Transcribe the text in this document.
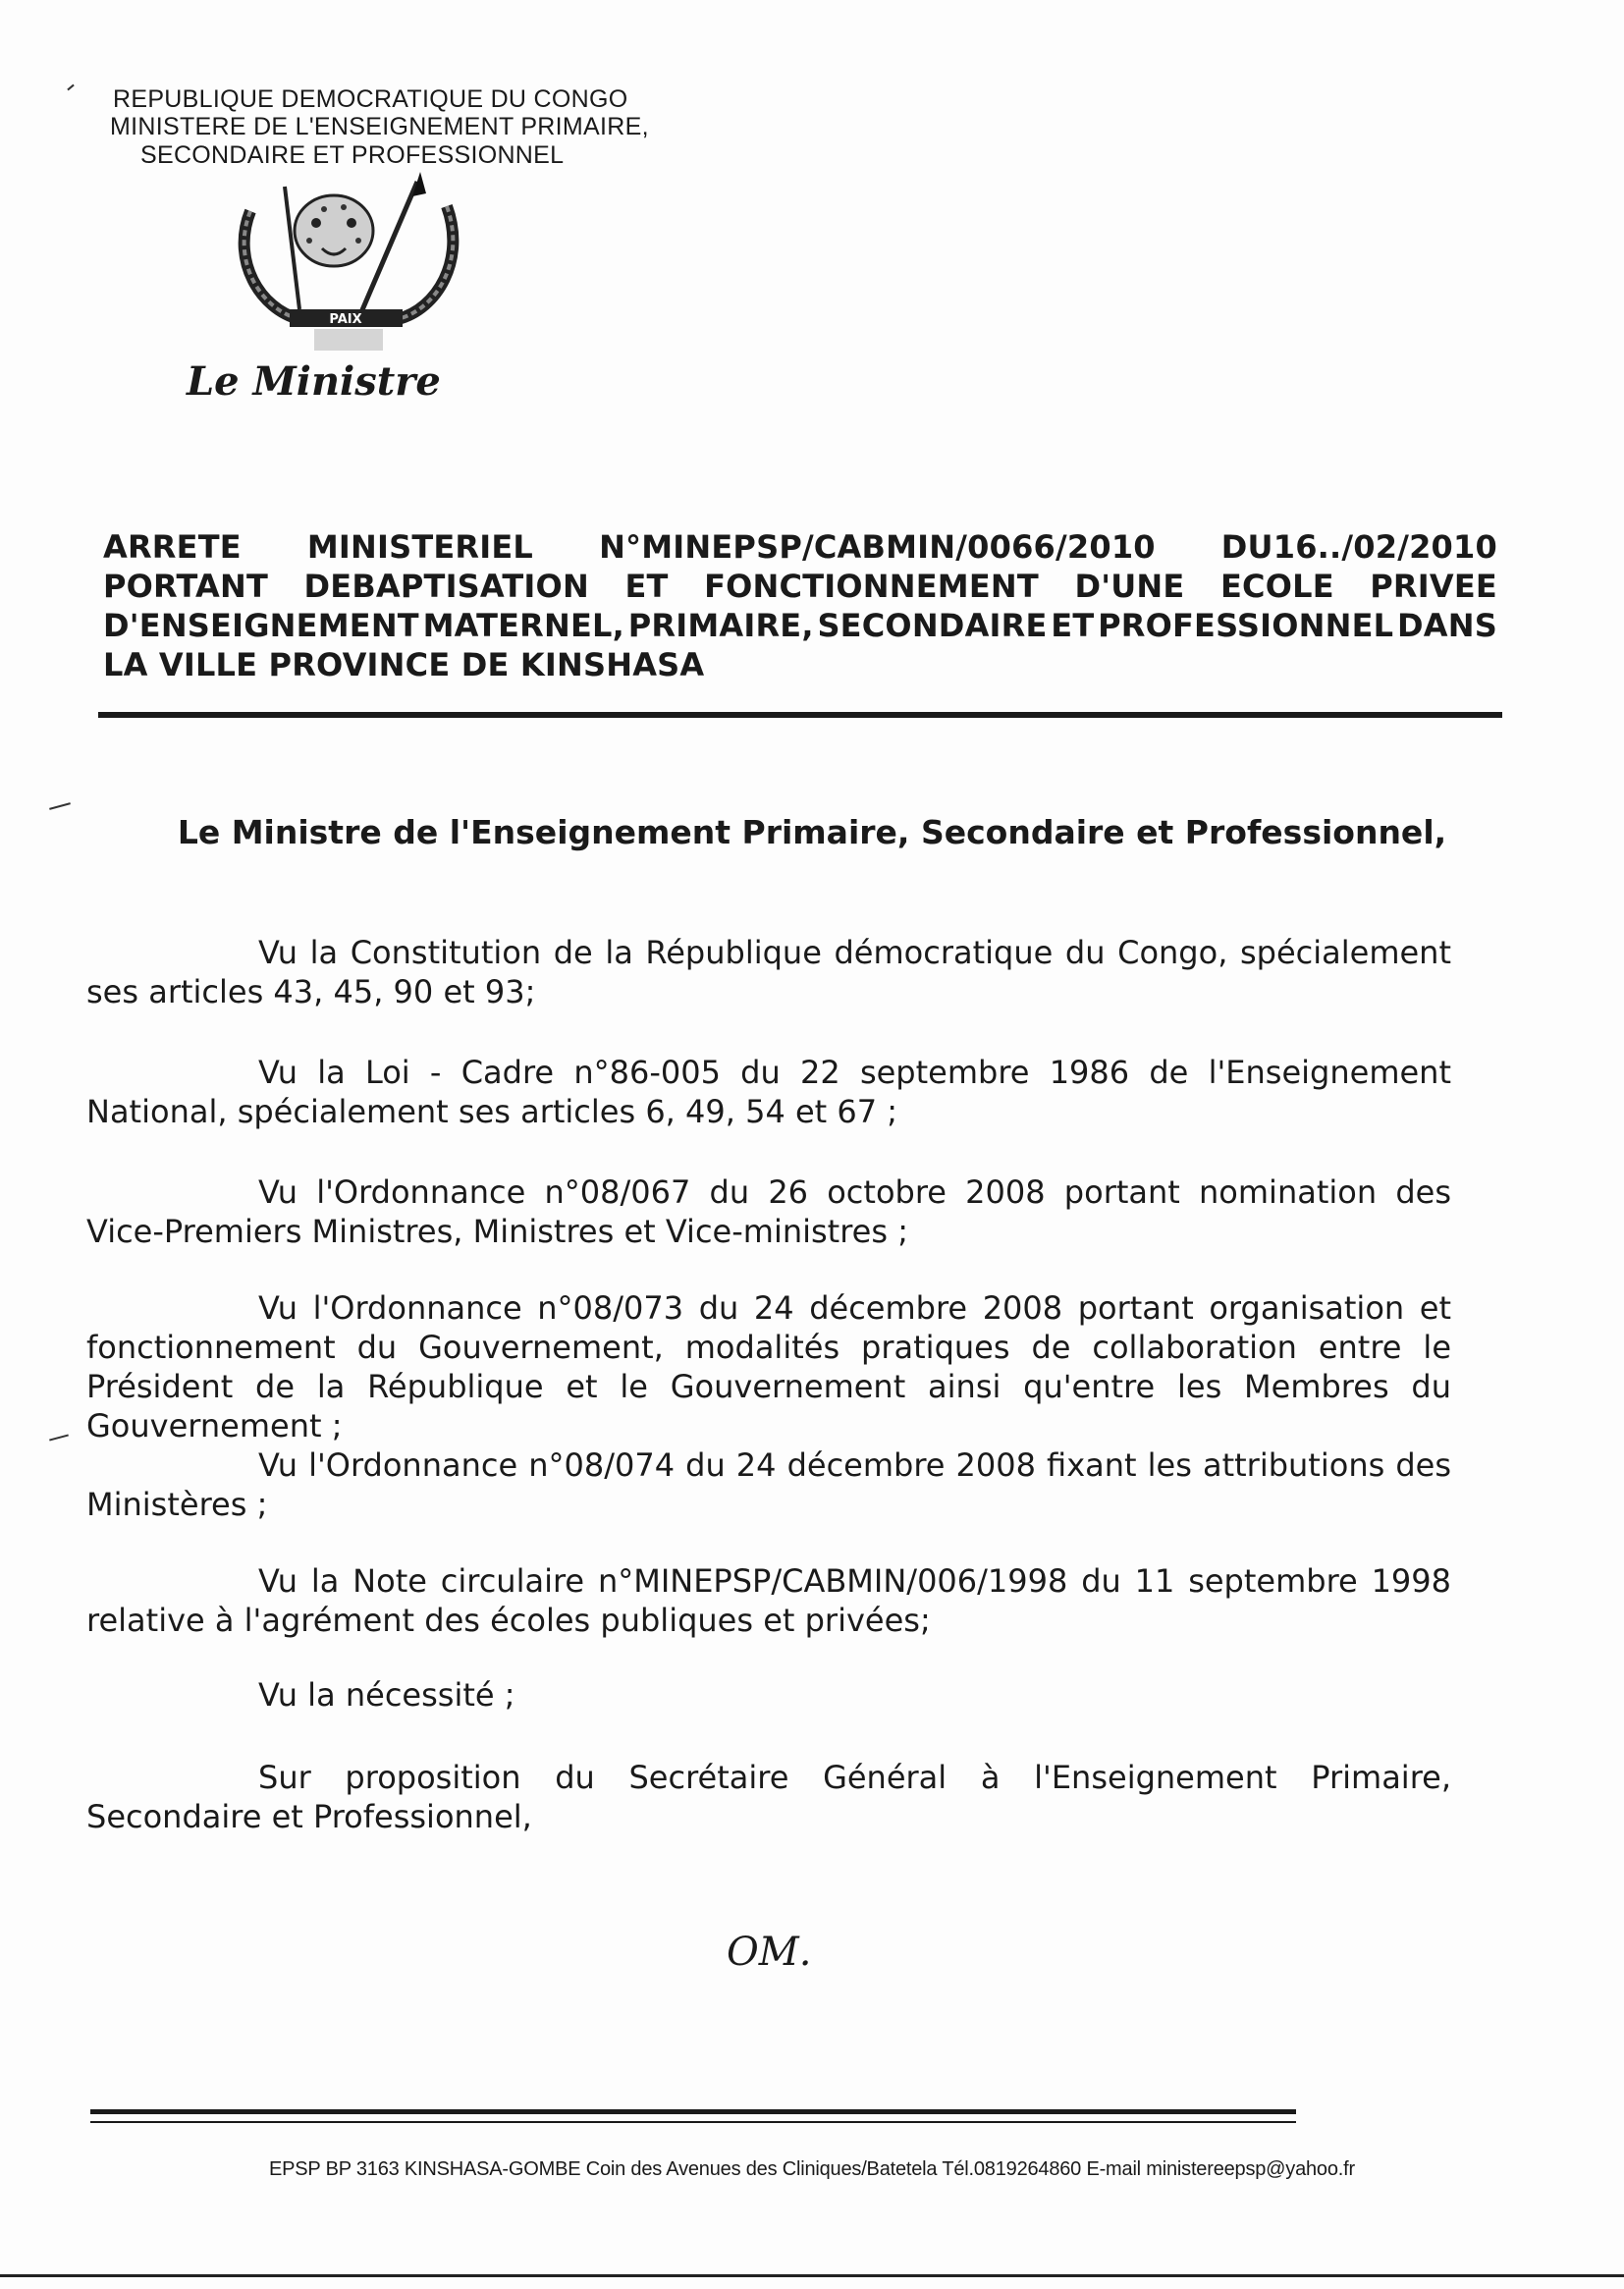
REPUBLIQUE DEMOCRATIQUE DU CONGO
MINISTERE DE L'ENSEIGNEMENT PRIMAIRE,
SECONDAIRE ET PROFESSIONNEL
PAIX
Le Ministre
ARRETE MINISTERIEL N°MINEPSP/CABMIN/0066/2010 DU16../02/2010
PORTANT DEBAPTISATION ET FONCTIONNEMENT D'UNE ECOLE PRIVEE
D'ENSEIGNEMENT MATERNEL, PRIMAIRE, SECONDAIRE ET PROFESSIONNEL DANS
LA VILLE PROVINCE DE KINSHASA
Le Ministre de l'Enseignement Primaire, Secondaire et Professionnel,
Vu la Constitution de la République démocratique du Congo, spécialement ses articles 43, 45, 90 et 93;
Vu la Loi - Cadre n°86-005 du 22 septembre 1986 de l'Enseignement National, spécialement ses articles 6, 49, 54 et 67 ;
Vu l'Ordonnance n°08/067 du 26 octobre 2008 portant nomination des Vice-Premiers Ministres, Ministres et Vice-ministres ;
Vu l'Ordonnance n°08/073 du 24 décembre 2008 portant organisation et fonctionnement du Gouvernement, modalités pratiques de collaboration entre le Président de la République et le Gouvernement ainsi qu'entre les Membres du Gouvernement ;
Vu l'Ordonnance n°08/074 du 24 décembre 2008 fixant les attributions des Ministères ;
Vu la Note circulaire n°MINEPSP/CABMIN/006/1998 du 11 septembre 1998 relative à l'agrément des écoles publiques et privées;
Vu la nécessité ;
Sur proposition du Secrétaire Général à l'Enseignement Primaire, Secondaire et Professionnel,
OM.
EPSP BP 3163 KINSHASA-GOMBE Coin des Avenues des Cliniques/Batetela Tél.0819264860 E-mail ministereepsp@yahoo.fr
